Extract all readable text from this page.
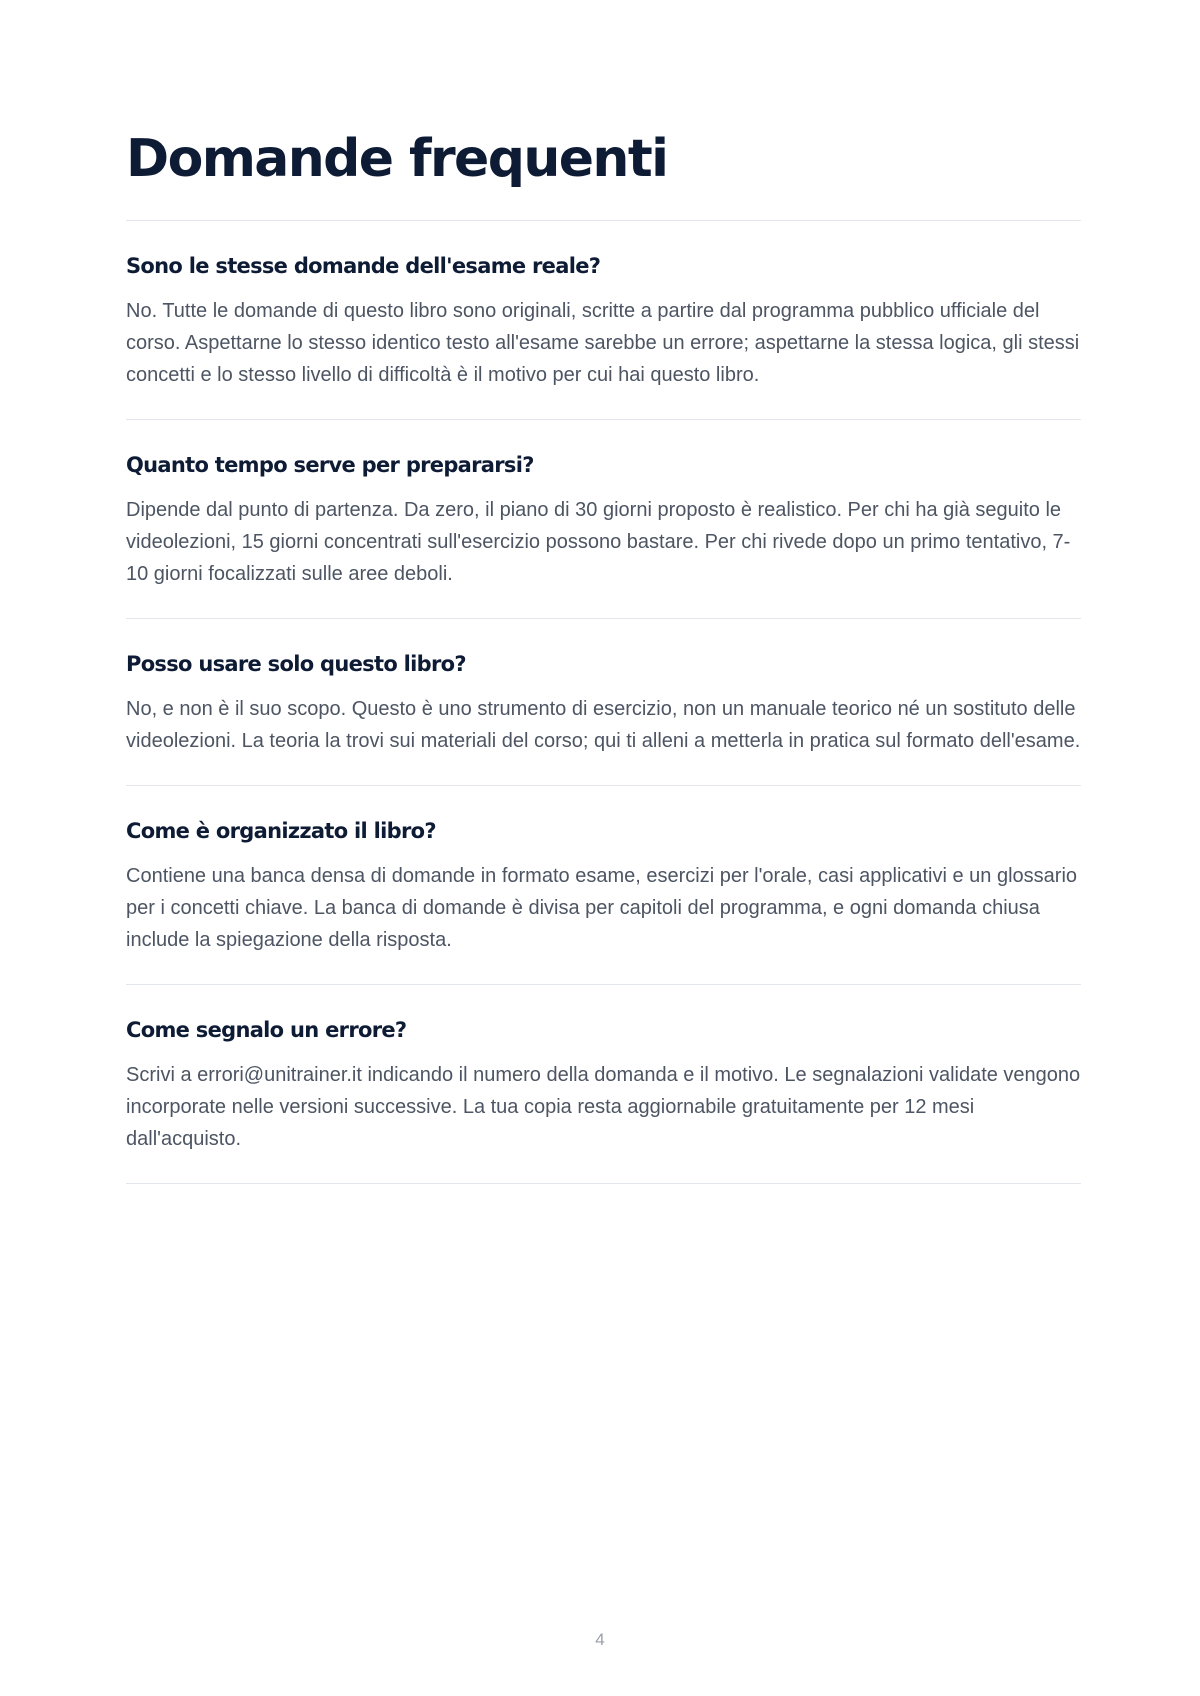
Domande frequenti
Sono le stesse domande dell'esame reale?

No. Tutte le domande di questo libro sono originali, scritte a partire dal programma pubblico ufficiale del corso. Aspettarne lo stesso identico testo all'esame sarebbe un errore; aspettarne la stessa logica, gli stessi concetti e lo stesso livello di difficoltà è il motivo per cui hai questo libro.

Quanto tempo serve per prepararsi?

Dipende dal punto di partenza. Da zero, il piano di 30 giorni proposto è realistico. Per chi ha già seguito le videolezioni, 15 giorni concentrati sull'esercizio possono bastare. Per chi rivede dopo un primo tentativo, 7-10 giorni focalizzati sulle aree deboli.

Posso usare solo questo libro?

No, e non è il suo scopo. Questo è uno strumento di esercizio, non un manuale teorico né un sostituto delle videolezioni. La teoria la trovi sui materiali del corso; qui ti alleni a metterla in pratica sul formato dell'esame.

Come è organizzato il libro?

Contiene una banca densa di domande in formato esame, esercizi per l'orale, casi applicativi e un glossario per i concetti chiave. La banca di domande è divisa per capitoli del programma, e ogni domanda chiusa include la spiegazione della risposta.

Come segnalo un errore?

Scrivi a errori@unitrainer.it indicando il numero della domanda e il motivo. Le segnalazioni validate vengono incorporate nelle versioni successive. La tua copia resta aggiornabile gratuitamente per 12 mesi dall'acquisto.

4
